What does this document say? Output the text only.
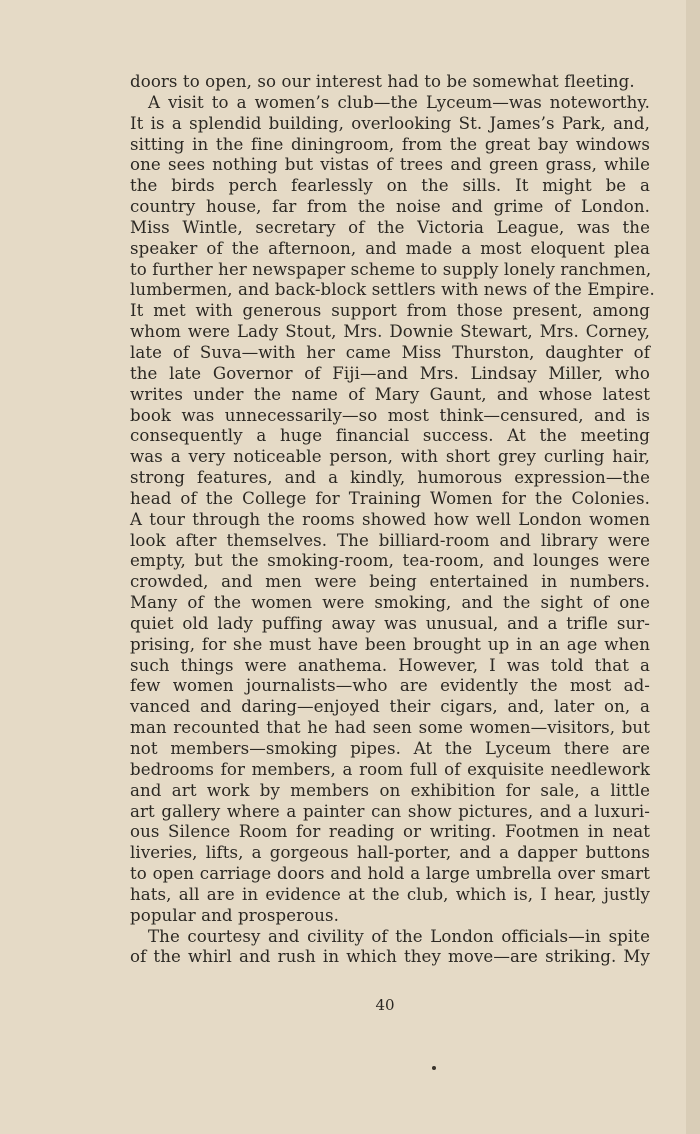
doors to open, so our interest had to be somewhat fleeting.
A visit to a women’s club—the Lyceum—was noteworthy.
It is a splendid building, overlooking St. James’s Park, and,
sitting in the fine diningroom, from the great bay windows
one sees nothing but vistas of trees and green grass, while
the birds perch fearlessly on the sills. It might be a
country house, far from the noise and grime of London.
Miss Wintle, secretary of the Victoria League, was the
speaker of the afternoon, and made a most eloquent plea
to further her newspaper scheme to supply lonely ranchmen,
lumbermen, and back-block settlers with news of the Empire.
It met with generous support from those present, among
whom were Lady Stout, Mrs. Downie Stewart, Mrs. Corney,
late of Suva—with her came Miss Thurston, daughter of
the late Governor of Fiji—and Mrs. Lindsay Miller, who
writes under the name of Mary Gaunt, and whose latest
book was unnecessarily—so most think—censured, and is
consequently a huge financial success. At the meeting
was a very noticeable person, with short grey curling hair,
strong features, and a kindly, humorous expression—the
head of the College for Training Women for the Colonies.
A tour through the rooms showed how well London women
look after themselves. The billiard-room and library were
empty, but the smoking-room, tea-room, and lounges were
crowded, and men were being entertained in numbers.
Many of the women were smoking, and the sight of one
quiet old lady puffing away was unusual, and a trifle sur-
prising, for she must have been brought up in an age when
such things were anathema. However, I was told that a
few women journalists—who are evidently the most ad-
vanced and daring—enjoyed their cigars, and, later on, a
man recounted that he had seen some women—visitors, but
not members—smoking pipes. At the Lyceum there are
bedrooms for members, a room full of exquisite needlework
and art work by members on exhibition for sale, a little
art gallery where a painter can show pictures, and a luxuri-
ous Silence Room for reading or writing. Footmen in neat
liveries, lifts, a gorgeous hall-porter, and a dapper buttons
to open carriage doors and hold a large umbrella over smart
hats, all are in evidence at the club, which is, I hear, justly
popular and prosperous.
The courtesy and civility of the London officials—in spite
of the whirl and rush in which they move—are striking. My
40
